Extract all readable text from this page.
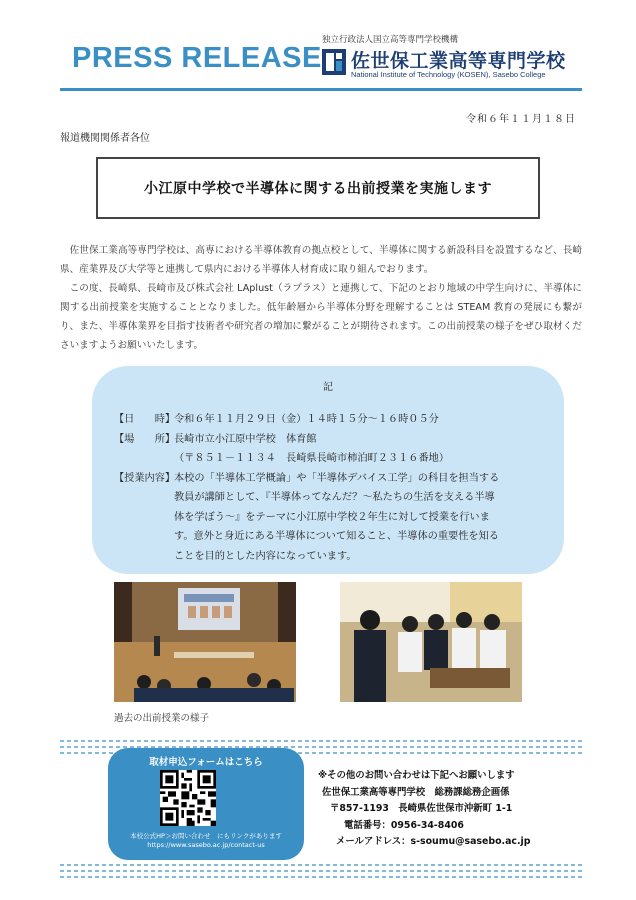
PRESS RELEASE
独立行政法人国立高等専門学校機構
佐世保工業高等専門学校
National Institute of Technology (KOSEN), Sasebo College
令和６年１１月１８日
報道機関関係者各位
小江原中学校で半導体に関する出前授業を実施します

佐世保工業高等専門学校は、高専における半導体教育の拠点校として、半導体に関する新設科目を設置するなど、長崎県、産業界及び大学等と連携して県内における半導体人材育成に取り組んでおります。

この度、長崎県、長崎市及び株式会社 LAplust（ラプラス）と連携して、下記のとおり地域の中学生向けに、半導体に関する出前授業を実施することとなりました。低年齢層から半導体分野を理解することは STEAM 教育の発展にも繋がり、また、半導体業界を目指す技術者や研究者の増加に繋がることが期待されます。この出前授業の様子をぜひ取材くださいますようお願いいたします。

記
【日　　時】
令和６年１１月２９日（金）１４時１５分～１６時０５分
【場　　所】
長崎市立小江原中学校　体育館
（〒８５１－１１３４　長崎県長崎市柿泊町２３１６番地）
【授業内容】
本校の「半導体工学概論」や「半導体デバイス工学」の科目を担当する
教員が講師として、『半導体ってなんだ？～私たちの生活を支える半導
体を学ぼう～』をテーマに小江原中学校２年生に対して授業を行いま
す。意外と身近にある半導体について知ること、半導体の重要性を知る
ことを目的とした内容になっています。
過去の出前授業の様子
取材申込フォームはこちら
本校公式HP＞お問い合わせ　にもリンクがあります
https://www.sasebo.ac.jp/contact-us
※その他のお問い合わせは下記へお願いします
佐世保工業高等専門学校　総務課総務企画係
〒857-1193　長崎県佐世保市沖新町 1-1
電話番号：0956-34-8406
メールアドレス：s-soumu@sasebo.ac.jp
